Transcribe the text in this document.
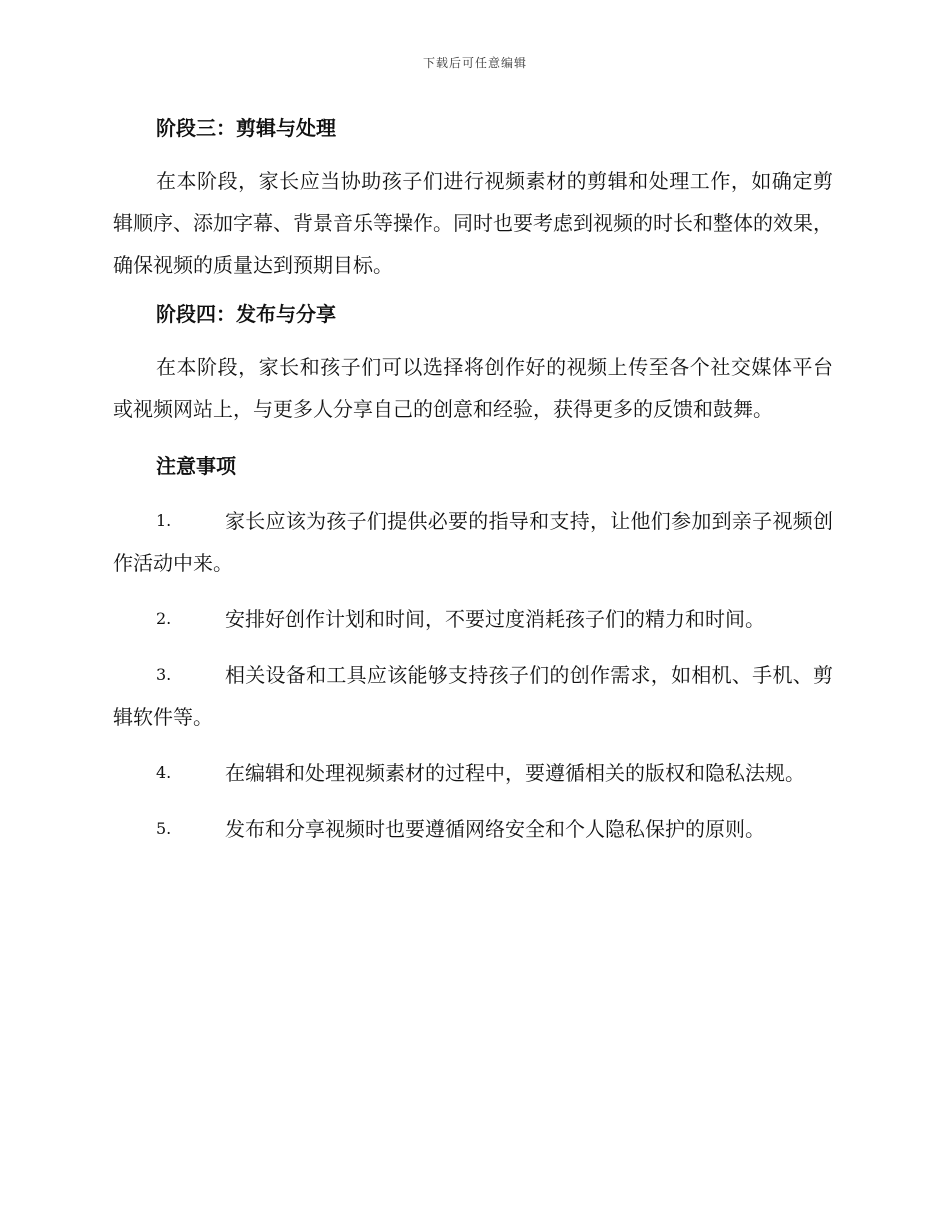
下载后可任意编辑
阶段三：剪辑与处理

在本阶段，家长应当协助孩子们进行视频素材的剪辑和处理工作，如确定剪辑顺序、添加字幕、背景音乐等操作。同时也要考虑到视频的时长和整体的效果，确保视频的质量达到预期目标。

阶段四：发布与分享

在本阶段，家长和孩子们可以选择将创作好的视频上传至各个社交媒体平台或视频网站上，与更多人分享自己的创意和经验，获得更多的反馈和鼓舞。

注意事项
1.	家长应该为孩子们提供必要的指导和支持，让他们参加到亲子视频创作活动中来。
2.	安排好创作计划和时间，不要过度消耗孩子们的精力和时间。
3.	相关设备和工具应该能够支持孩子们的创作需求，如相机、手机、剪辑软件等。
4.	在编辑和处理视频素材的过程中，要遵循相关的版权和隐私法规。
5.	发布和分享视频时也要遵循网络安全和个人隐私保护的原则。
